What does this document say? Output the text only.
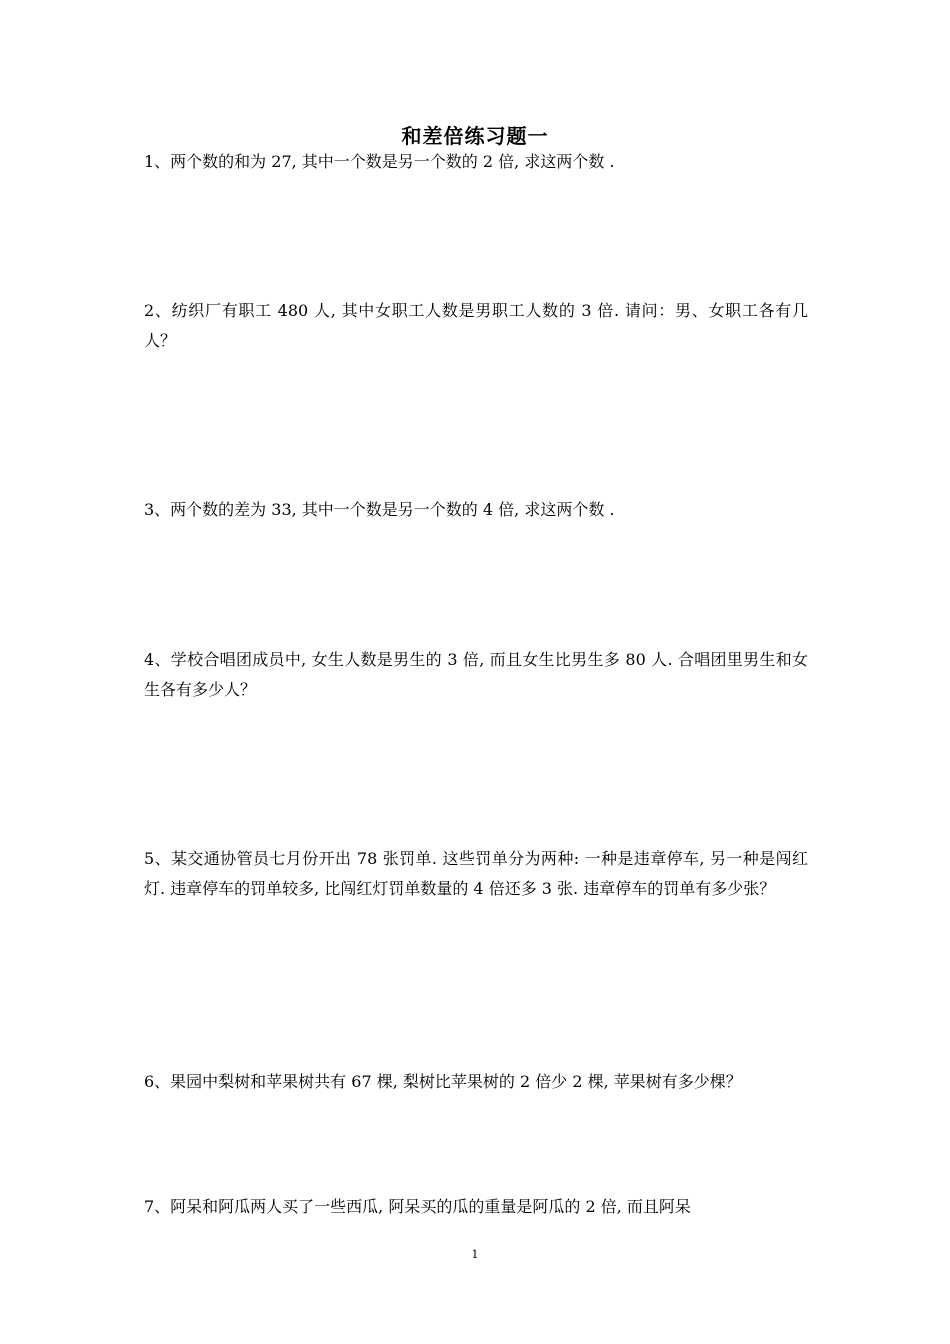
和差倍练习题一
1、两个数的和为 27, 其中一个数是另一个数的 2 倍, 求这两个数 .
2、纺织厂有职工 480 人, 其中女职工人数是男职工人数的 3 倍. 请问：男、女职工各有几人？
3、两个数的差为 33, 其中一个数是另一个数的 4 倍, 求这两个数 .
4、学校合唱团成员中, 女生人数是男生的 3 倍, 而且女生比男生多 80 人. 合唱团里男生和女生各有多少人？
5、某交通协管员七月份开出 78 张罚单. 这些罚单分为两种: 一种是违章停车, 另一种是闯红灯. 违章停车的罚单较多, 比闯红灯罚单数量的 4 倍还多 3 张. 违章停车的罚单有多少张？
6、果园中梨树和苹果树共有 67 棵, 梨树比苹果树的 2 倍少 2 棵, 苹果树有多少棵？
7、阿呆和阿瓜两人买了一些西瓜, 阿呆买的瓜的重量是阿瓜的 2 倍, 而且阿呆
1
